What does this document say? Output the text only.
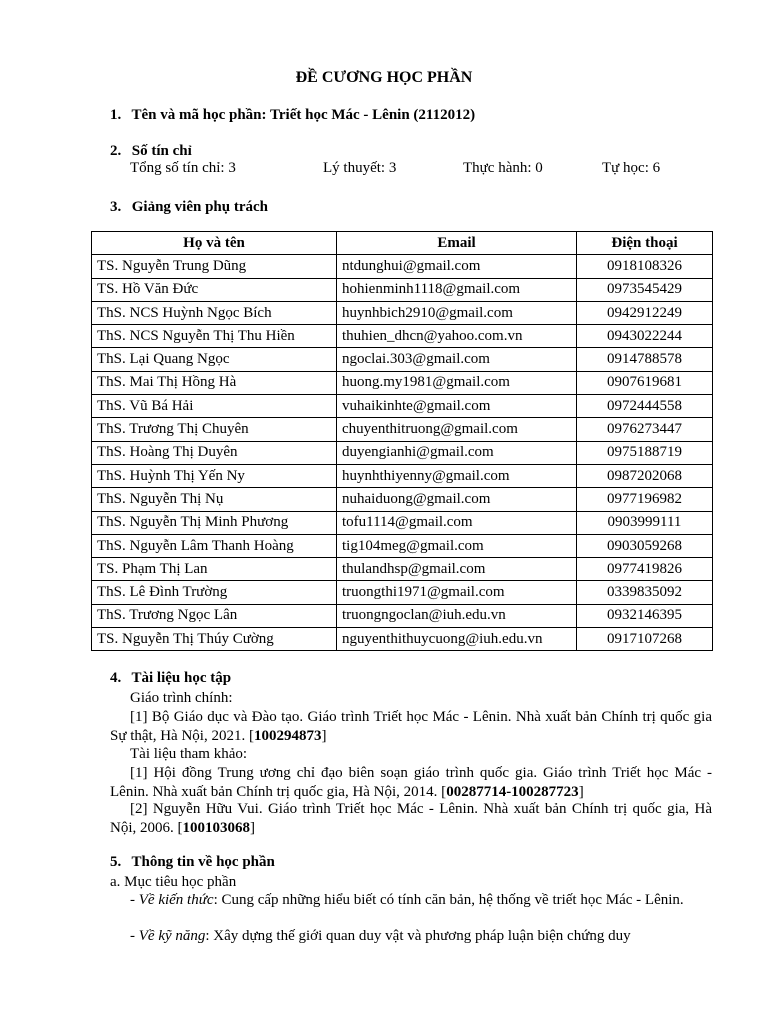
ĐỀ CƯƠNG HỌC PHẦN
1. Tên và mã học phần: Triết học Mác - Lênin (2112012)
2. Số tín chỉ
Tổng số tín chỉ: 3	Lý thuyết: 3	Thực hành: 0	Tự học: 6
3. Giảng viên phụ trách
Họ và tên	Email	Điện thoại
TS. Nguyễn Trung Dũng	ntdunghui@gmail.com	0918108326
TS. Hồ Văn Đức	hohienminh1118@gmail.com	0973545429
ThS. NCS Huỳnh Ngọc Bích	huynhbich2910@gmail.com	0942912249
ThS. NCS Nguyễn Thị Thu Hiền	thuhien_dhcn@yahoo.com.vn	0943022244
ThS. Lại Quang Ngọc	ngoclai.303@gmail.com	0914788578
ThS. Mai Thị Hồng Hà	huong.my1981@gmail.com	0907619681
ThS. Vũ Bá Hải	vuhaikinhte@gmail.com	0972444558
ThS. Trương Thị Chuyên	chuyenthitruong@gmail.com	0976273447
ThS. Hoàng Thị Duyên	duyengianhi@gmail.com	0975188719
ThS. Huỳnh Thị Yến Ny	huynhthiyenny@gmail.com	0987202068
ThS. Nguyễn Thị Nụ	nuhaiduong@gmail.com	0977196982
ThS. Nguyễn Thị Minh Phương	tofu1114@gmail.com	0903999111
ThS. Nguyễn Lâm Thanh Hoàng	tig104meg@gmail.com	0903059268
TS. Phạm Thị Lan	thulandhsp@gmail.com	0977419826
ThS. Lê Đình Trường	truongthi1971@gmail.com	0339835092
ThS. Trương Ngọc Lân	truongngoclan@iuh.edu.vn	0932146395
TS. Nguyễn Thị Thúy Cường	nguyenthithuycuong@iuh.edu.vn	0917107268
4. Tài liệu học tập
Giáo trình chính:
[1] Bộ Giáo dục và Đào tạo. Giáo trình Triết học Mác - Lênin. Nhà xuất bản Chính trị quốc gia Sự thật, Hà Nội, 2021. [100294873]
Tài liệu tham khảo:
[1] Hội đồng Trung ương chỉ đạo biên soạn giáo trình quốc gia. Giáo trình Triết học Mác - Lênin. Nhà xuất bản Chính trị quốc gia, Hà Nội, 2014. [00287714-100287723]
[2] Nguyễn Hữu Vui. Giáo trình Triết học Mác - Lênin. Nhà xuất bản Chính trị quốc gia, Hà Nội, 2006. [100103068]
5. Thông tin về học phần
a. Mục tiêu học phần
- Về kiến thức: Cung cấp những hiểu biết có tính căn bản, hệ thống về triết học Mác - Lênin.
- Về kỹ năng: Xây dựng thế giới quan duy vật và phương pháp luận biện chứng duy
